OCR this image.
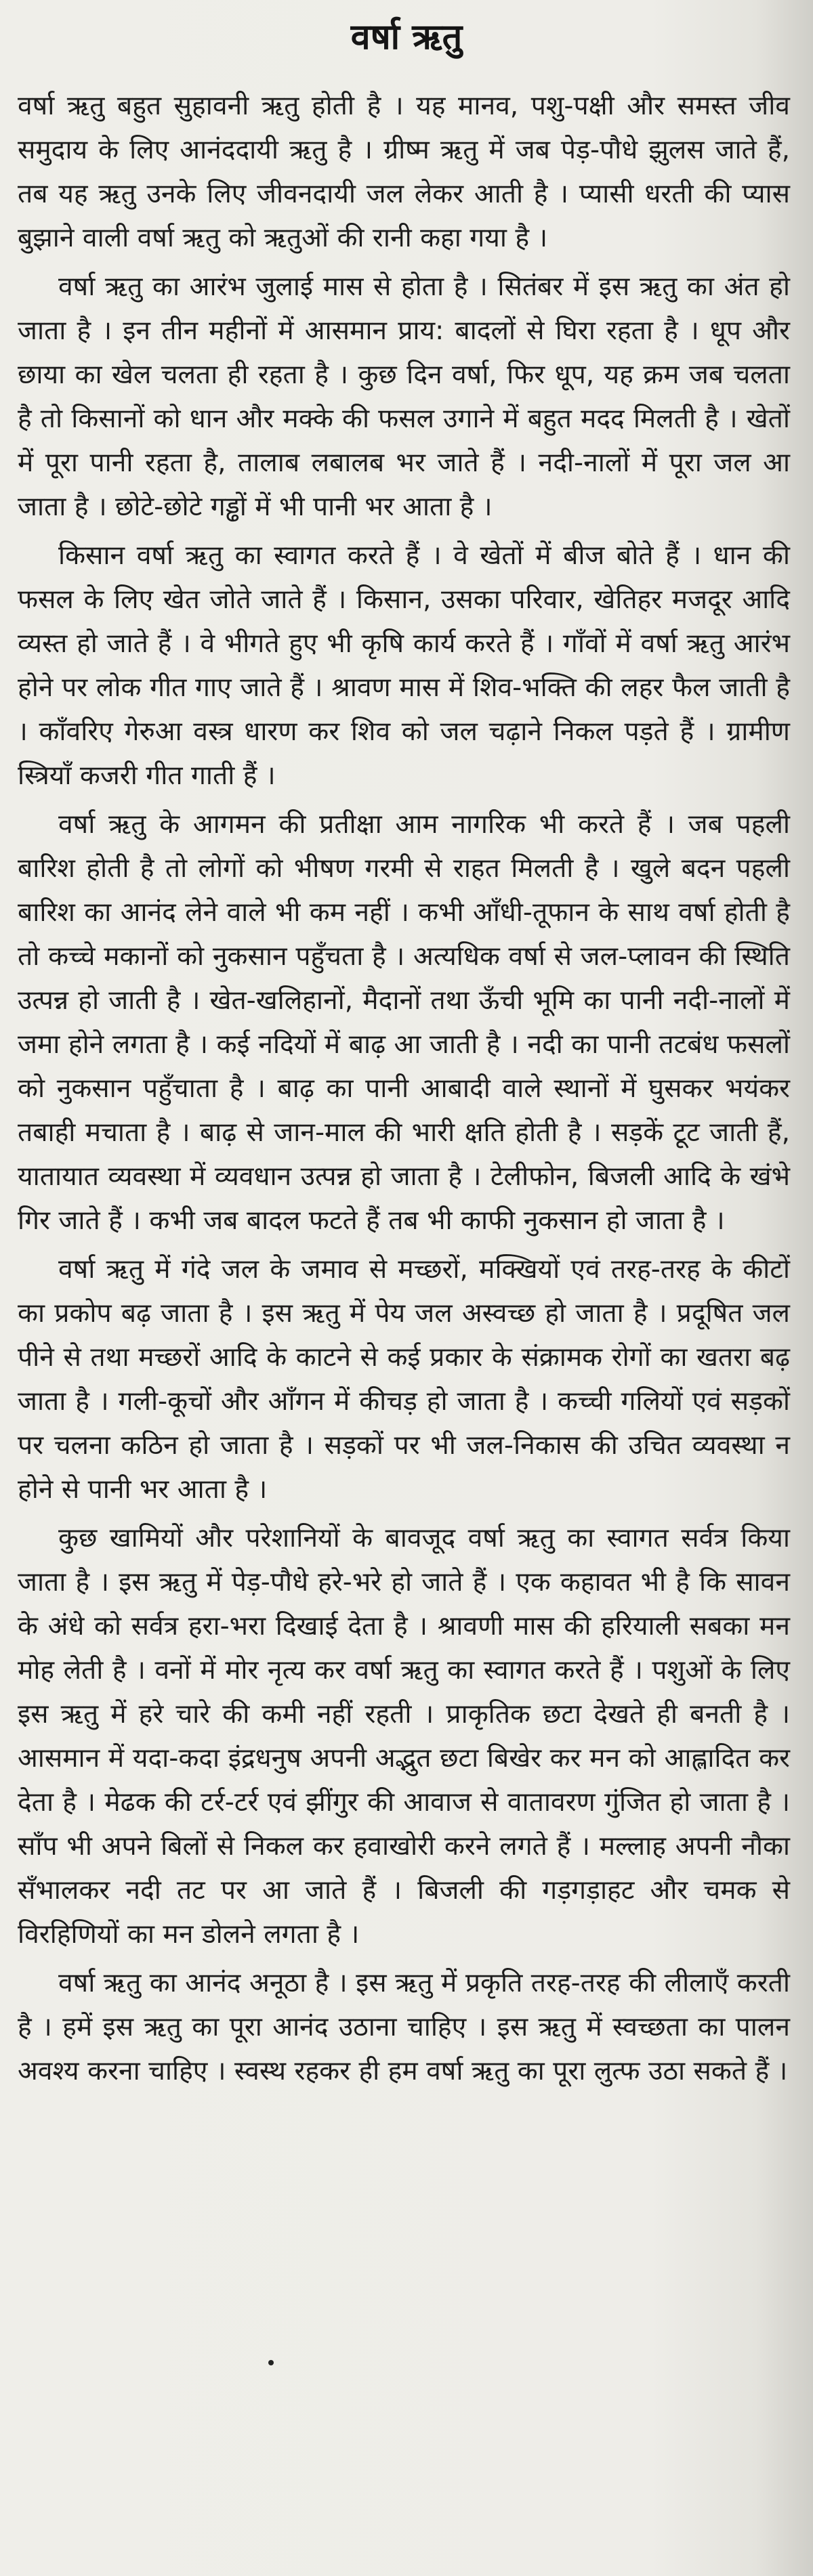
वर्षा ऋतु

वर्षा ऋतु बहुत सुहावनी ऋतु होती है । यह मानव, पशु-पक्षी और समस्त जीव समुदाय के लिए आनंददायी ऋतु है । ग्रीष्म ऋतु में जब पेड़-पौधे झुलस जाते हैं, तब यह ऋतु उनके लिए जीवनदायी जल लेकर आती है । प्यासी धरती की प्यास बुझाने वाली वर्षा ऋतु को ऋतुओं की रानी कहा गया है ।

वर्षा ऋतु का आरंभ जुलाई मास से होता है । सितंबर में इस ऋतु का अंत हो जाता है । इन तीन महीनों में आसमान प्राय: बादलों से घिरा रहता है । धूप और छाया का खेल चलता ही रहता है । कुछ दिन वर्षा, फिर धूप, यह क्रम जब चलता है तो किसानों को धान और मक्के की फसल उगाने में बहुत मदद मिलती है । खेतों में पूरा पानी रहता है, तालाब लबालब भर जाते हैं । नदी-नालों में पूरा जल आ जाता है । छोटे-छोटे गड्ढों में भी पानी भर आता है ।

किसान वर्षा ऋतु का स्वागत करते हैं । वे खेतों में बीज बोते हैं । धान की फसल के लिए खेत जोते जाते हैं । किसान, उसका परिवार, खेतिहर मजदूर आदि व्यस्त हो जाते हैं । वे भीगते हुए भी कृषि कार्य करते हैं । गाँवों में वर्षा ऋतु आरंभ होने पर लोक गीत गाए जाते हैं । श्रावण मास में शिव-भक्ति की लहर फैल जाती है । काँवरिए गेरुआ वस्त्र धारण कर शिव को जल चढ़ाने निकल पड़ते हैं । ग्रामीण स्त्रियाँ कजरी गीत गाती हैं ।

वर्षा ऋतु के आगमन की प्रतीक्षा आम नागरिक भी करते हैं । जब पहली बारिश होती है तो लोगों को भीषण गरमी से राहत मिलती है । खुले बदन पहली बारिश का आनंद लेने वाले भी कम नहीं । कभी आँधी-तूफान के साथ वर्षा होती है तो कच्चे मकानों को नुकसान पहुँचता है । अत्यधिक वर्षा से जल-प्लावन की स्थिति उत्पन्न हो जाती है । खेत-खलिहानों, मैदानों तथा ऊँची भूमि का पानी नदी-नालों में जमा होने लगता है । कई नदियों में बाढ़ आ जाती है । नदी का पानी तटबंध फसलों को नुकसान पहुँचाता है । बाढ़ का पानी आबादी वाले स्थानों में घुसकर भयंकर तबाही मचाता है । बाढ़ से जान-माल की भारी क्षति होती है । सड़कें टूट जाती हैं, यातायात व्यवस्था में व्यवधान उत्पन्न हो जाता है । टेलीफोन, बिजली आदि के खंभे गिर जाते हैं । कभी जब बादल फटते हैं तब भी काफी नुकसान हो जाता है ।

वर्षा ऋतु में गंदे जल के जमाव से मच्छरों, मक्खियों एवं तरह-तरह के कीटों का प्रकोप बढ़ जाता है । इस ऋतु में पेय जल अस्वच्छ हो जाता है । प्रदूषित जल पीने से तथा मच्छरों आदि के काटने से कई प्रकार के संक्रामक रोगों का खतरा बढ़ जाता है । गली-कूचों और आँगन में कीचड़ हो जाता है । कच्ची गलियों एवं सड़कों पर चलना कठिन हो जाता है । सड़कों पर भी जल-निकास की उचित व्यवस्था न होने से पानी भर आता है ।

कुछ खामियों और परेशानियों के बावजूद वर्षा ऋतु का स्वागत सर्वत्र किया जाता है । इस ऋतु में पेड़-पौधे हरे-भरे हो जाते हैं । एक कहावत भी है कि सावन के अंधे को सर्वत्र हरा-भरा दिखाई देता है । श्रावणी मास की हरियाली सबका मन मोह लेती है । वनों में मोर नृत्य कर वर्षा ऋतु का स्वागत करते हैं । पशुओं के लिए इस ऋतु में हरे चारे की कमी नहीं रहती । प्राकृतिक छटा देखते ही बनती है । आसमान में यदा-कदा इंद्रधनुष अपनी अद्भुत छटा बिखेर कर मन को आह्लादित कर देता है । मेढक की टर्र-टर्र एवं झींगुर की आवाज से वातावरण गुंजित हो जाता है । साँप भी अपने बिलों से निकल कर हवाखोरी करने लगते हैं । मल्लाह अपनी नौका सँभालकर नदी तट पर आ जाते हैं । बिजली की गड़गड़ाहट और चमक से विरहिणियों का मन डोलने लगता है ।

वर्षा ऋतु का आनंद अनूठा है । इस ऋतु में प्रकृति तरह-तरह की लीलाएँ करती है । हमें इस ऋतु का पूरा आनंद उठाना चाहिए । इस ऋतु में स्वच्छता का पालन अवश्य करना चाहिए । स्वस्थ रहकर ही हम वर्षा ऋतु का पूरा लुत्फ उठा सकते हैं ।
